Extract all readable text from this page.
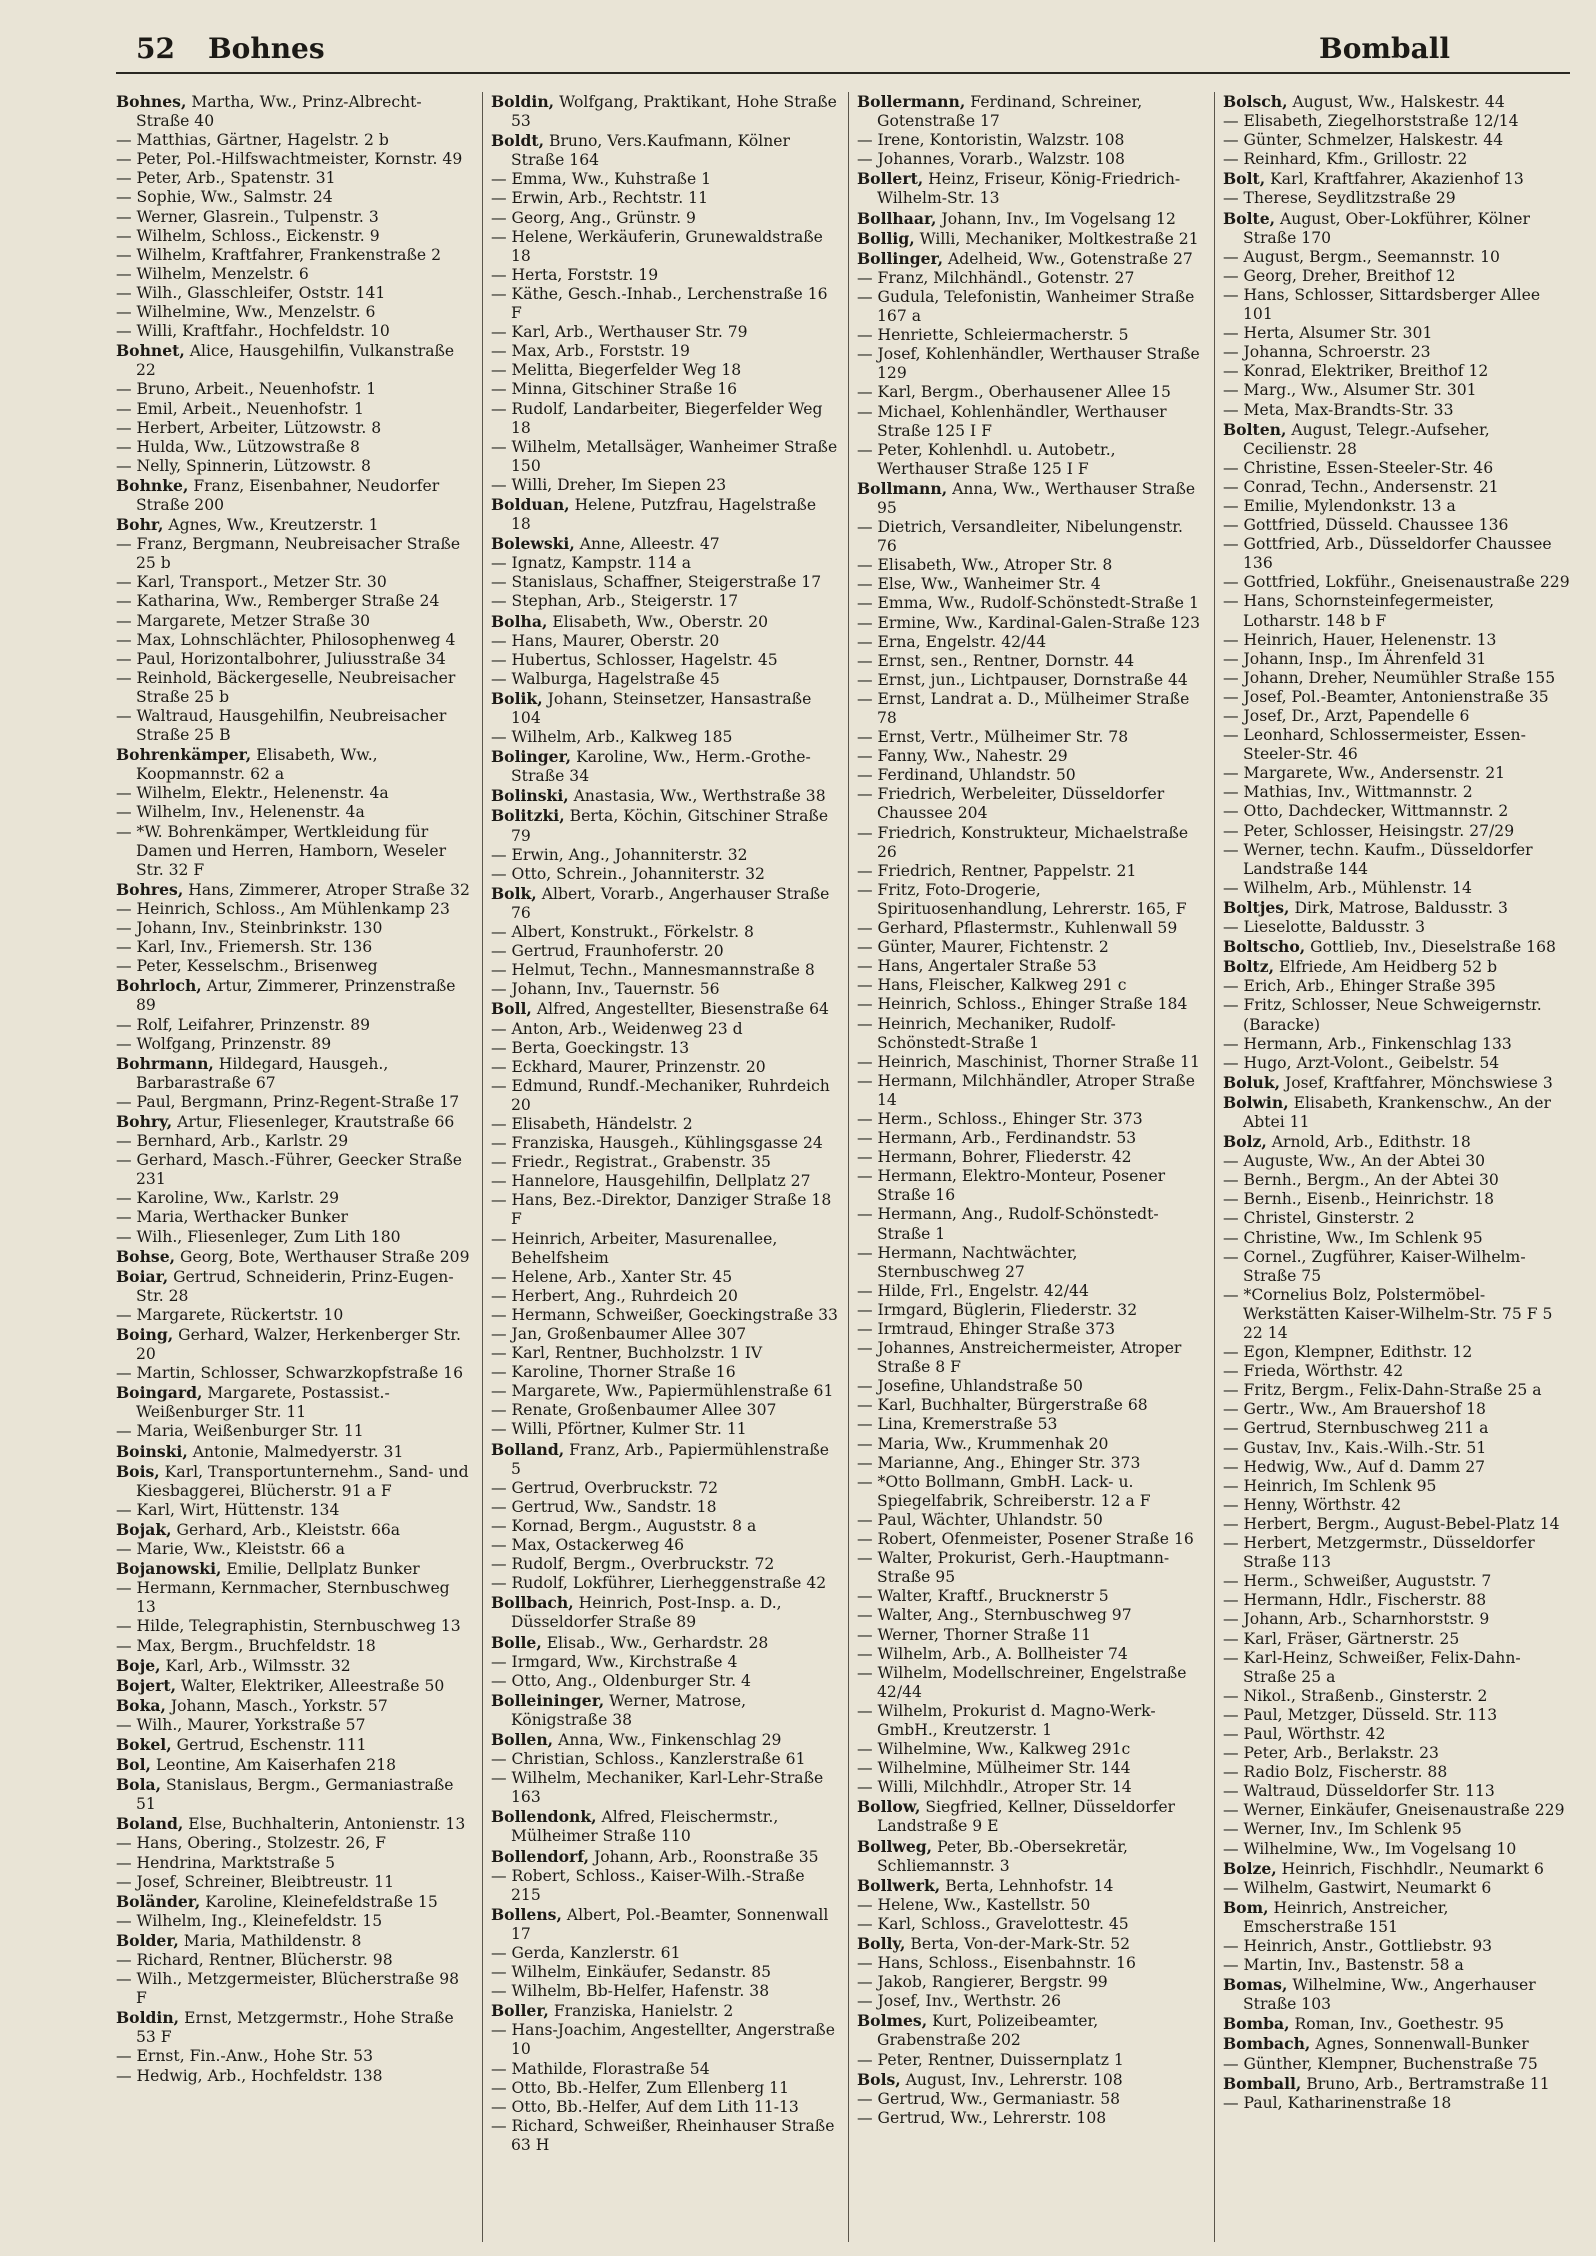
52 Bohnes	Bomball

Bohnes, Martha, Ww., Prinz-Albrecht-Straße 40

— Matthias, Gärtner, Hagelstr. 2 b

— Peter, Pol.-Hilfswachtmeister, Kornstr. 49

— Peter, Arb., Spatenstr. 31

— Sophie, Ww., Salmstr. 24

— Werner, Glasrein., Tulpenstr. 3

— Wilhelm, Schloss., Eickenstr. 9

— Wilhelm, Kraftfahrer, Frankenstraße 2

— Wilhelm, Menzelstr. 6

— Wilh., Glasschleifer, Oststr. 141

— Wilhelmine, Ww., Menzelstr. 6

— Willi, Kraftfahr., Hochfeldstr. 10

Bohnet, Alice, Hausgehilfin, Vulkanstraße 22

— Bruno, Arbeit., Neuenhofstr. 1

— Emil, Arbeit., Neuenhofstr. 1

— Herbert, Arbeiter, Lützowstr. 8

— Hulda, Ww., Lützowstraße 8

— Nelly, Spinnerin, Lützowstr. 8

Bohnke, Franz, Eisenbahner, Neudorfer Straße 200

Bohr, Agnes, Ww., Kreutzerstr. 1

— Franz, Bergmann, Neubreisacher Straße 25 b

— Karl, Transport., Metzer Str. 30

— Katharina, Ww., Remberger Straße 24

— Margarete, Metzer Straße 30

— Max, Lohnschlächter, Philosophenweg 4

— Paul, Horizontalbohrer, Juliusstraße 34

— Reinhold, Bäckergeselle, Neubreisacher Straße 25 b

— Waltraud, Hausgehilfin, Neubreisacher Straße 25 B

Bohrenkämper, Elisabeth, Ww., Koopmannstr. 62 a

— Wilhelm, Elektr., Helenenstr. 4a

— Wilhelm, Inv., Helenenstr. 4a

— *W. Bohrenkämper, Wertkleidung für Damen und Herren, Hamborn, Weseler Str. 32 F

Bohres, Hans, Zimmerer, Atroper Straße 32

— Heinrich, Schloss., Am Mühlenkamp 23

— Johann, Inv., Steinbrinkstr. 130

— Karl, Inv., Friemersh. Str. 136

— Peter, Kesselschm., Brisenweg

Bohrloch, Artur, Zimmerer, Prinzenstraße 89

— Rolf, Leifahrer, Prinzenstr. 89

— Wolfgang, Prinzenstr. 89

Bohrmann, Hildegard, Hausgeh., Barbarastraße 67

— Paul, Bergmann, Prinz-Regent-Straße 17

Bohry, Artur, Fliesenleger, Krautstraße 66

— Bernhard, Arb., Karlstr. 29

— Gerhard, Masch.-Führer, Geecker Straße 231

— Karoline, Ww., Karlstr. 29

— Maria, Werthacker Bunker

— Wilh., Fliesenleger, Zum Lith 180

Bohse, Georg, Bote, Werthauser Straße 209

Boiar, Gertrud, Schneiderin, Prinz-Eugen-Str. 28

— Margarete, Rückertstr. 10

Boing, Gerhard, Walzer, Herkenberger Str. 20

— Martin, Schlosser, Schwarzkopfstraße 16

Boingard, Margarete, Postassist.-Weißenburger Str. 11

— Maria, Weißenburger Str. 11

Boinski, Antonie, Malmedyerstr. 31

Bois, Karl, Transportunternehm., Sand- und Kiesbaggerei, Blücherstr. 91 a F

— Karl, Wirt, Hüttenstr. 134

Bojak, Gerhard, Arb., Kleiststr. 66a

— Marie, Ww., Kleiststr. 66 a

Bojanowski, Emilie, Dellplatz Bunker

— Hermann, Kernmacher, Sternbuschweg 13

— Hilde, Telegraphistin, Sternbuschweg 13

— Max, Bergm., Bruchfeldstr. 18

Boje, Karl, Arb., Wilmsstr. 32

Bojert, Walter, Elektriker, Alleestraße 50

Boka, Johann, Masch., Yorkstr. 57

— Wilh., Maurer, Yorkstraße 57

Bokel, Gertrud, Eschenstr. 111

Bol, Leontine, Am Kaiserhafen 218

Bola, Stanislaus, Bergm., Germaniastraße 51

Boland, Else, Buchhalterin, Antonienstr. 13

— Hans, Obering., Stolzestr. 26, F

— Hendrina, Marktstraße 5

— Josef, Schreiner, Bleibtreustr. 11

Boländer, Karoline, Kleinefeldstraße 15

— Wilhelm, Ing., Kleinefeldstr. 15

Bolder, Maria, Mathildenstr. 8

— Richard, Rentner, Blücherstr. 98

— Wilh., Metzgermeister, Blücherstraße 98 F

Boldin, Ernst, Metzgermstr., Hohe Straße 53 F

— Ernst, Fin.-Anw., Hohe Str. 53

— Hedwig, Arb., Hochfeldstr. 138

Boldin, Wolfgang, Praktikant, Hohe Straße 53

Boldt, Bruno, Vers.Kaufmann, Kölner Straße 164

— Emma, Ww., Kuhstraße 1

— Erwin, Arb., Rechtstr. 11

— Georg, Ang., Grünstr. 9

— Helene, Werkäuferin, Grunewaldstraße 18

— Herta, Forststr. 19

— Käthe, Gesch.-Inhab., Lerchenstraße 16 F

— Karl, Arb., Werthauser Str. 79

— Max, Arb., Forststr. 19

— Melitta, Biegerfelder Weg 18

— Minna, Gitschiner Straße 16

— Rudolf, Landarbeiter, Biegerfelder Weg 18

— Wilhelm, Metallsäger, Wanheimer Straße 150

— Willi, Dreher, Im Siepen 23

Bolduan, Helene, Putzfrau, Hagelstraße 18

Bolewski, Anne, Alleestr. 47

— Ignatz, Kampstr. 114 a

— Stanislaus, Schaffner, Steigerstraße 17

— Stephan, Arb., Steigerstr. 17

Bolha, Elisabeth, Ww., Oberstr. 20

— Hans, Maurer, Oberstr. 20

— Hubertus, Schlosser, Hagelstr. 45

— Walburga, Hagelstraße 45

Bolik, Johann, Steinsetzer, Hansastraße 104

— Wilhelm, Arb., Kalkweg 185

Bolinger, Karoline, Ww., Herm.-Grothe-Straße 34

Bolinski, Anastasia, Ww., Werthstraße 38

Bolitzki, Berta, Köchin, Gitschiner Straße 79

— Erwin, Ang., Johanniterstr. 32

— Otto, Schrein., Johanniterstr. 32

Bolk, Albert, Vorarb., Angerhauser Straße 76

— Albert, Konstrukt., Förkelstr. 8

— Gertrud, Fraunhoferstr. 20

— Helmut, Techn., Mannesmannstraße 8

— Johann, Inv., Tauernstr. 56

Boll, Alfred, Angestellter, Biesenstraße 64

— Anton, Arb., Weidenweg 23 d

— Berta, Goeckingstr. 13

— Eckhard, Maurer, Prinzenstr. 20

— Edmund, Rundf.-Mechaniker, Ruhrdeich 20

— Elisabeth, Händelstr. 2

— Franziska, Hausgeh., Kühlingsgasse 24

— Friedr., Registrat., Grabenstr. 35

— Hannelore, Hausgehilfin, Dellplatz 27

— Hans, Bez.-Direktor, Danziger Straße 18 F

— Heinrich, Arbeiter, Masurenallee, Behelfsheim

— Helene, Arb., Xanter Str. 45

— Herbert, Ang., Ruhrdeich 20

— Hermann, Schweißer, Goeckingstraße 33

— Jan, Großenbaumer Allee 307

— Karl, Rentner, Buchholzstr. 1 IV

— Karoline, Thorner Straße 16

— Margarete, Ww., Papiermühlenstraße 61

— Renate, Großenbaumer Allee 307

— Willi, Pförtner, Kulmer Str. 11

Bolland, Franz, Arb., Papiermühlenstraße 5

— Gertrud, Overbruckstr. 72

— Gertrud, Ww., Sandstr. 18

— Kornad, Bergm., Auguststr. 8 a

— Max, Ostackerweg 46

— Rudolf, Bergm., Overbruckstr. 72

— Rudolf, Lokführer, Lierheggenstraße 42

Bollbach, Heinrich, Post-Insp. a. D., Düsseldorfer Straße 89

Bolle, Elisab., Ww., Gerhardstr. 28

— Irmgard, Ww., Kirchstraße 4

— Otto, Ang., Oldenburger Str. 4

Bolleininger, Werner, Matrose, Königstraße 38

Bollen, Anna, Ww., Finkenschlag 29

— Christian, Schloss., Kanzlerstraße 61

— Wilhelm, Mechaniker, Karl-Lehr-Straße 163

Bollendonk, Alfred, Fleischermstr., Mülheimer Straße 110

Bollendorf, Johann, Arb., Roonstraße 35

— Robert, Schloss., Kaiser-Wilh.-Straße 215

Bollens, Albert, Pol.-Beamter, Sonnenwall 17

— Gerda, Kanzlerstr. 61

— Wilhelm, Einkäufer, Sedanstr. 85

— Wilhelm, Bb-Helfer, Hafenstr. 38

Boller, Franziska, Hanielstr. 2

— Hans-Joachim, Angestellter, Angerstraße 10

— Mathilde, Florastraße 54

— Otto, Bb.-Helfer, Zum Ellenberg 11

— Otto, Bb.-Helfer, Auf dem Lith 11-13

— Richard, Schweißer, Rheinhauser Straße 63 H

Bollermann, Ferdinand, Schreiner, Gotenstraße 17

— Irene, Kontoristin, Walzstr. 108

— Johannes, Vorarb., Walzstr. 108

Bollert, Heinz, Friseur, König-Friedrich-Wilhelm-Str. 13

Bollhaar, Johann, Inv., Im Vogelsang 12

Bollig, Willi, Mechaniker, Moltkestraße 21

Bollinger, Adelheid, Ww., Gotenstraße 27

— Franz, Milchhändl., Gotenstr. 27

— Gudula, Telefonistin, Wanheimer Straße 167 a

— Henriette, Schleiermacherstr. 5

— Josef, Kohlenhändler, Werthauser Straße 129

— Karl, Bergm., Oberhausener Allee 15

— Michael, Kohlenhändler, Werthauser Straße 125 I F

— Peter, Kohlenhdl. u. Autobetr., Werthauser Straße 125 I F

Bollmann, Anna, Ww., Werthauser Straße 95

— Dietrich, Versandleiter, Nibelungenstr. 76

— Elisabeth, Ww., Atroper Str. 8

— Else, Ww., Wanheimer Str. 4

— Emma, Ww., Rudolf-Schönstedt-Straße 1

— Ermine, Ww., Kardinal-Galen-Straße 123

— Erna, Engelstr. 42/44

— Ernst, sen., Rentner, Dornstr. 44

— Ernst, jun., Lichtpauser, Dornstraße 44

— Ernst, Landrat a. D., Mülheimer Straße 78

— Ernst, Vertr., Mülheimer Str. 78

— Fanny, Ww., Nahestr. 29

— Ferdinand, Uhlandstr. 50

— Friedrich, Werbeleiter, Düsseldorfer Chaussee 204

— Friedrich, Konstrukteur, Michaelstraße 26

— Friedrich, Rentner, Pappelstr. 21

— Fritz, Foto-Drogerie, Spirituosenhandlung, Lehrerstr. 165, F

— Gerhard, Pflastermstr., Kuhlenwall 59

— Günter, Maurer, Fichtenstr. 2

— Hans, Angertaler Straße 53

— Hans, Fleischer, Kalkweg 291 c

— Heinrich, Schloss., Ehinger Straße 184

— Heinrich, Mechaniker, Rudolf-Schönstedt-Straße 1

— Heinrich, Maschinist, Thorner Straße 11

— Hermann, Milchhändler, Atroper Straße 14

— Herm., Schloss., Ehinger Str. 373

— Hermann, Arb., Ferdinandstr. 53

— Hermann, Bohrer, Fliederstr. 42

— Hermann, Elektro-Monteur, Posener Straße 16

— Hermann, Ang., Rudolf-Schönstedt-Straße 1

— Hermann, Nachtwächter, Sternbuschweg 27

— Hilde, Frl., Engelstr. 42/44

— Irmgard, Büglerin, Fliederstr. 32

— Irmtraud, Ehinger Straße 373

— Johannes, Anstreichermeister, Atroper Straße 8 F

— Josefine, Uhlandstraße 50

— Karl, Buchhalter, Bürgerstraße 68

— Lina, Kremerstraße 53

— Maria, Ww., Krummenhak 20

— Marianne, Ang., Ehinger Str. 373

— *Otto Bollmann, GmbH. Lack- u. Spiegelfabrik, Schreiberstr. 12 a F

— Paul, Wächter, Uhlandstr. 50

— Robert, Ofenmeister, Posener Straße 16

— Walter, Prokurist, Gerh.-Hauptmann-Straße 95

— Walter, Kraftf., Brucknerstr 5

— Walter, Ang., Sternbuschweg 97

— Werner, Thorner Straße 11

— Wilhelm, Arb., A. Bollheister 74

— Wilhelm, Modellschreiner, Engelstraße 42/44

— Wilhelm, Prokurist d. Magno-Werk-GmbH., Kreutzerstr. 1

— Wilhelmine, Ww., Kalkweg 291c

— Wilhelmine, Mülheimer Str. 144

— Willi, Milchhdlr., Atroper Str. 14

Bollow, Siegfried, Kellner, Düsseldorfer Landstraße 9 E

Bollweg, Peter, Bb.-Obersekretär, Schliemannstr. 3

Bollwerk, Berta, Lehnhofstr. 14

— Helene, Ww., Kastellstr. 50

— Karl, Schloss., Gravelottestr. 45

Bolly, Berta, Von-der-Mark-Str. 52

— Hans, Schloss., Eisenbahnstr. 16

— Jakob, Rangierer, Bergstr. 99

— Josef, Inv., Werthstr. 26

Bolmes, Kurt, Polizeibeamter, Grabenstraße 202

— Peter, Rentner, Duissernplatz 1

Bols, August, Inv., Lehrerstr. 108

— Gertrud, Ww., Germaniastr. 58

— Gertrud, Ww., Lehrerstr. 108

Bolsch, August, Ww., Halskestr. 44

— Elisabeth, Ziegelhorststraße 12/14

— Günter, Schmelzer, Halskestr. 44

— Reinhard, Kfm., Grillostr. 22

Bolt, Karl, Kraftfahrer, Akazienhof 13

— Therese, Seydlitzstraße 29

Bolte, August, Ober-Lokführer, Kölner Straße 170

— August, Bergm., Seemannstr. 10

— Georg, Dreher, Breithof 12

— Hans, Schlosser, Sittardsberger Allee 101

— Herta, Alsumer Str. 301

— Johanna, Schroerstr. 23

— Konrad, Elektriker, Breithof 12

— Marg., Ww., Alsumer Str. 301

— Meta, Max-Brandts-Str. 33

Bolten, August, Telegr.-Aufseher, Cecilienstr. 28

— Christine, Essen-Steeler-Str. 46

— Conrad, Techn., Andersenstr. 21

— Emilie, Mylendonkstr. 13 a

— Gottfried, Düsseld. Chaussee 136

— Gottfried, Arb., Düsseldorfer Chaussee 136

— Gottfried, Lokführ., Gneisenaustraße 229

— Hans, Schornsteinfegermeister, Lotharstr. 148 b F

— Heinrich, Hauer, Helenenstr. 13

— Johann, Insp., Im Ährenfeld 31

— Johann, Dreher, Neumühler Straße 155

— Josef, Pol.-Beamter, Antonienstraße 35

— Josef, Dr., Arzt, Papendelle 6

— Leonhard, Schlossermeister, Essen-Steeler-Str. 46

— Margarete, Ww., Andersenstr. 21

— Mathias, Inv., Wittmannstr. 2

— Otto, Dachdecker, Wittmannstr. 2

— Peter, Schlosser, Heisingstr. 27/29

— Werner, techn. Kaufm., Düsseldorfer Landstraße 144

— Wilhelm, Arb., Mühlenstr. 14

Boltjes, Dirk, Matrose, Baldusstr. 3

— Lieselotte, Baldusstr. 3

Boltscho, Gottlieb, Inv., Dieselstraße 168

Boltz, Elfriede, Am Heidberg 52 b

— Erich, Arb., Ehinger Straße 395

— Fritz, Schlosser, Neue Schweigernstr. (Baracke)

— Hermann, Arb., Finkenschlag 133

— Hugo, Arzt-Volont., Geibelstr. 54

Boluk, Josef, Kraftfahrer, Mönchswiese 3

Bolwin, Elisabeth, Krankenschw., An der Abtei 11

Bolz, Arnold, Arb., Edithstr. 18

— Auguste, Ww., An der Abtei 30

— Bernh., Bergm., An der Abtei 30

— Bernh., Eisenb., Heinrichstr. 18

— Christel, Ginsterstr. 2

— Christine, Ww., Im Schlenk 95

— Cornel., Zugführer, Kaiser-Wilhelm-Straße 75

— *Cornelius Bolz, Polstermöbel-Werkstätten Kaiser-Wilhelm-Str. 75 F 5 22 14

— Egon, Klempner, Edithstr. 12

— Frieda, Wörthstr. 42

— Fritz, Bergm., Felix-Dahn-Straße 25 a

— Gertr., Ww., Am Brauershof 18

— Gertrud, Sternbuschweg 211 a

— Gustav, Inv., Kais.-Wilh.-Str. 51

— Hedwig, Ww., Auf d. Damm 27

— Heinrich, Im Schlenk 95

— Henny, Wörthstr. 42

— Herbert, Bergm., August-Bebel-Platz 14

— Herbert, Metzgermstr., Düsseldorfer Straße 113

— Herm., Schweißer, Auguststr. 7

— Hermann, Hdlr., Fischerstr. 88

— Johann, Arb., Scharnhorststr. 9

— Karl, Fräser, Gärtnerstr. 25

— Karl-Heinz, Schweißer, Felix-Dahn-Straße 25 a

— Nikol., Straßenb., Ginsterstr. 2

— Paul, Metzger, Düsseld. Str. 113

— Paul, Wörthstr. 42

— Peter, Arb., Berlakstr. 23

— Radio Bolz, Fischerstr. 88

— Waltraud, Düsseldorfer Str. 113

— Werner, Einkäufer, Gneisenaustraße 229

— Werner, Inv., Im Schlenk 95

— Wilhelmine, Ww., Im Vogelsang 10

Bolze, Heinrich, Fischhdlr., Neumarkt 6

— Wilhelm, Gastwirt, Neumarkt 6

Bom, Heinrich, Anstreicher, Emscherstraße 151

— Heinrich, Anstr., Gottliebstr. 93

— Martin, Inv., Bastenstr. 58 a

Bomas, Wilhelmine, Ww., Angerhauser Straße 103

Bomba, Roman, Inv., Goethestr. 95

Bombach, Agnes, Sonnenwall-Bunker

— Günther, Klempner, Buchenstraße 75

Bomball, Bruno, Arb., Bertramstraße 11

— Paul, Katharinenstraße 18
